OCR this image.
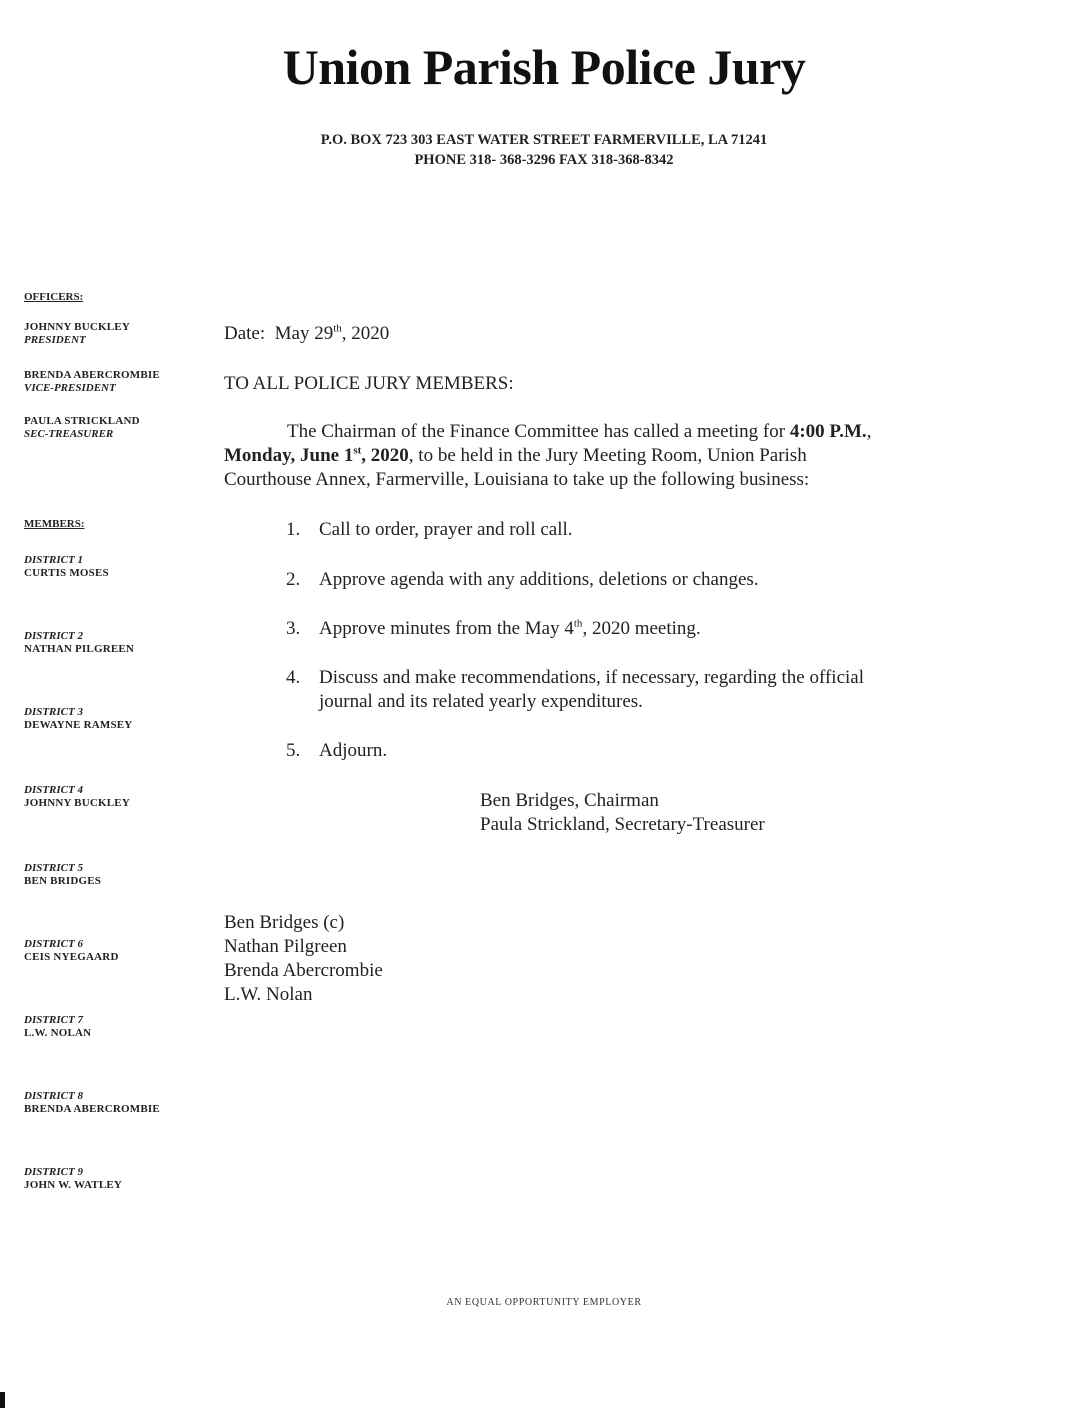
Union Parish Police Jury
P.O. BOX 723 303 EAST WATER STREET FARMERVILLE, LA 71241
PHONE 318- 368-3296 FAX 318-368-8342
OFFICERS:
JOHNNY BUCKLEY
PRESIDENT
BRENDA ABERCROMBIE
VICE-PRESIDENT
PAULA STRICKLAND
SEC-TREASURER
MEMBERS:
DISTRICT 1
CURTIS MOSES
DISTRICT 2
NATHAN PILGREEN
DISTRICT 3
DEWAYNE RAMSEY
DISTRICT 4
JOHNNY BUCKLEY
DISTRICT 5
BEN BRIDGES
DISTRICT 6
CEIS NYEGAARD
DISTRICT 7
L.W. NOLAN
DISTRICT 8
BRENDA ABERCROMBIE
DISTRICT 9
JOHN W. WATLEY
Date: May 29th, 2020
TO ALL POLICE JURY MEMBERS:
The Chairman of the Finance Committee has called a meeting for 4:00 P.M.,
Monday, June 1st, 2020, to be held in the Jury Meeting Room, Union Parish
Courthouse Annex, Farmerville, Louisiana to take up the following business:
1. Call to order, prayer and roll call.
2. Approve agenda with any additions, deletions or changes.
3. Approve minutes from the May 4th, 2020 meeting.
4. Discuss and make recommendations, if necessary, regarding the official
journal and its related yearly expenditures.
5. Adjourn.
Ben Bridges, Chairman
Paula Strickland, Secretary-Treasurer
Ben Bridges (c)
Nathan Pilgreen
Brenda Abercrombie
L.W. Nolan
AN EQUAL OPPORTUNITY EMPLOYER
